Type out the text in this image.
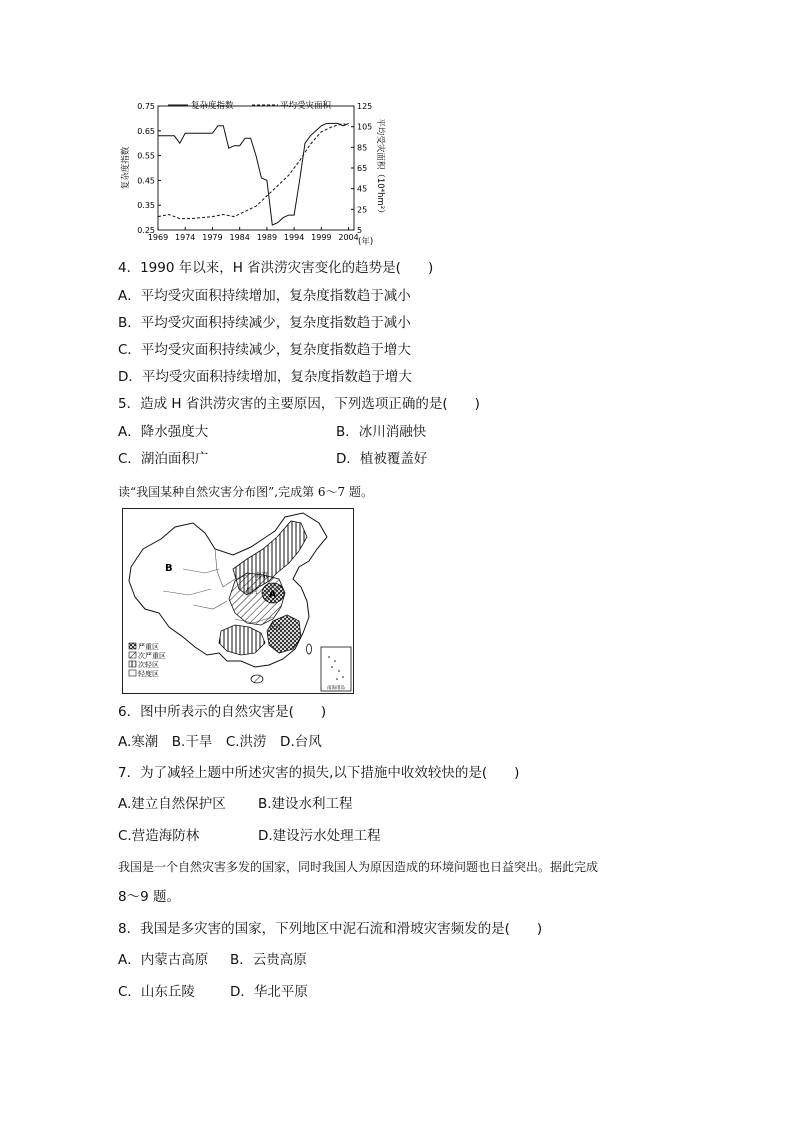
0.75
0.65
0.55
0.45
0.35
0.25
125
105
85
65
45
25
5
1969 1974 1979 1984 1989 1994 1999 2004
复杂度指数	平均受灾面积
复杂度指数	平均受灾面积（10⁴hm²）
(年)
4．1990 年以来，H 省洪涝灾害变化的趋势是(　　)
A．平均受灾面积持续增加，复杂度指数趋于减小
B．平均受灾面积持续减少，复杂度指数趋于减小
C．平均受灾面积持续减少，复杂度指数趋于增大
D．平均受灾面积持续增加，复杂度指数趋于增大
5．造成 H 省洪涝灾害的主要原因，下列选项正确的是(　　)
A．降水强度大	B．冰川消融快
C．湖泊面积广	D．植被覆盖好
读“我国某种自然灾害分布图”,完成第 6～7 题。
B
A
北京
黄河
长江
严重区
次严重区
次轻区
轻度区
南海诸岛
6．图中所表示的自然灾害是(　　)
A.寒潮　B.干旱　C.洪涝　D.台风
7．为了减轻上题中所述灾害的损失,以下措施中收效较快的是(　　)
A.建立自然保护区 B.建设水利工程
C.营造海防林	D.建设污水处理工程
我国是一个自然灾害多发的国家，同时我国人为原因造成的环境问题也日益突出。据此完成
8～9 题。
8．我国是多灾害的国家，下列地区中泥石流和滑坡灾害频发的是(　　)
A．内蒙古高原 B．云贵高原
C．山东丘陵	D．华北平原
